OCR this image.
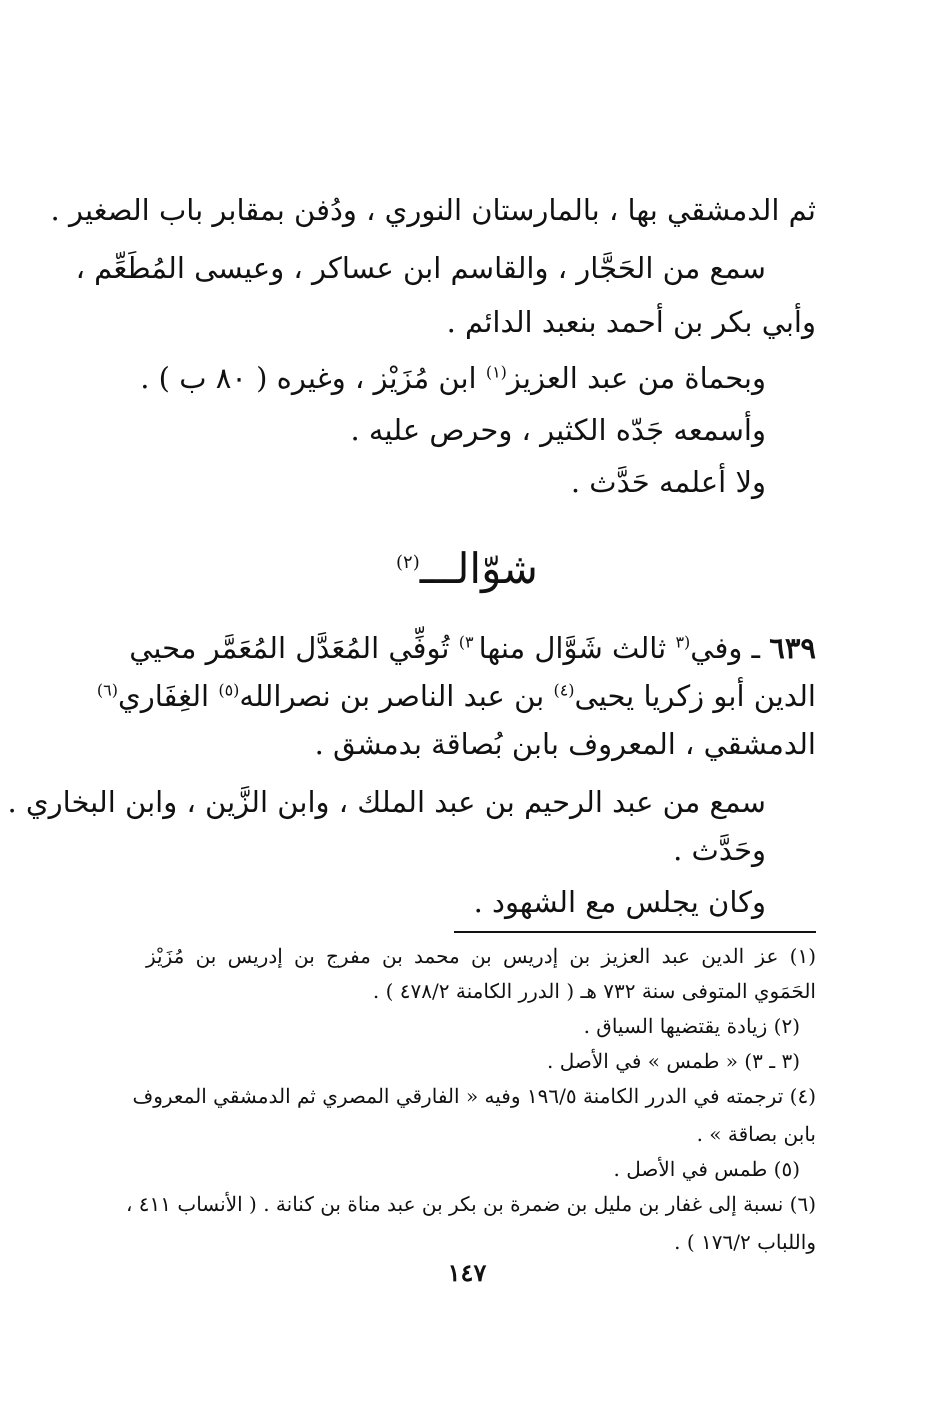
ثم الدمشقي بها ، بالمارستان النوري ، ودُفن بمقابر باب الصغير .
سمع من الحَجَّار ، والقاسم ابن عساكر ، وعيسى المُطَعِّم ،
وأبي بكر بن أحمد بنعبد الدائم .
وبحماة من عبد العزيز$^{(١)}$ ابن مُزَيْز ، وغيره ( ٨٠ ب ) .
وأسمعه جَدّه الكثير ، وحرص عليه .
ولا أعلمه حَدَّث .
شوّالـــ$^{(٢)}$
٦٣٩ ـ وفي$^{(٣}$ ثالث شَوَّال منها $^{٣)}$ تُوفِّي المُعَدَّل المُعَمَّر محيي
الدين أبو زكريا يحيى$^{(٤)}$ بن عبد الناصر بن نصرالله$^{(٥)}$ الغِفَاري$^{(٦)}$
الدمشقي ، المعروف بابن بُصاقة بدمشق .
سمع من عبد الرحيم بن عبد الملك ، وابن الزَّين ، وابن البخاري .
وحَدَّث .
وكان يجلس مع الشهود .
(١) عز الدين عبد العزيز بن إدريس بن محمد بن مفرج بن إدريس بن مُزَيْز
الحَمَوي المتوفى سنة ٧٣٢ هـ ( الدرر الكامنة ٤٧٨/٢ ) .
(٢) زيادة يقتضيها السياق .
(٣ ـ ٣) « طمس » في الأصل .
(٤) ترجمته في الدرر الكامنة ١٩٦/٥ وفيه « الفارقي المصري ثم الدمشقي المعروف
بابن بصاقة » .
(٥) طمس في الأصل .
(٦) نسبة إلى غفار بن مليل بن ضمرة بن بكر بن عبد مناة بن كنانة . ( الأنساب ٤١١ ،
واللباب ١٧٦/٢ ) .
١٤٧
